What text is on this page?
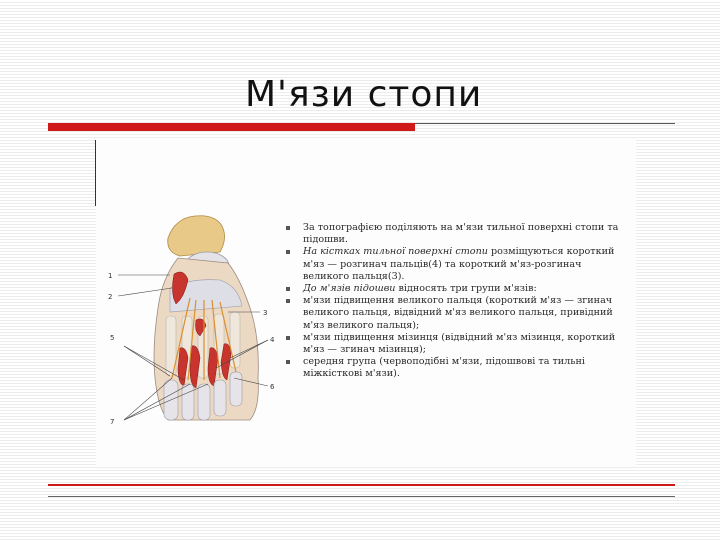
М'язи стопи
1
2
3
4
5
6
7
За топографією поділяють на м'язи тильної поверхні стопи та підошви.
На кістках тильної поверхні стопи розміщуються короткий м'яз — розгинач пальців(4) та короткий м'яз-розгинач великого пальця(3).
До м'язів підошви відносять три групи м'язів:
м'язи підвищення великого пальця (короткий м'яз — згинач великого пальця, відвідний м'яз великого пальця, привідний м'яз великого пальця);
м'язи підвищення мізинця (відвідний м'яз мізинця, короткий м'яз — згинач мізинця);
середня група (червоподібні м'язи, підошвові та тильні міжкісткові м'язи).
